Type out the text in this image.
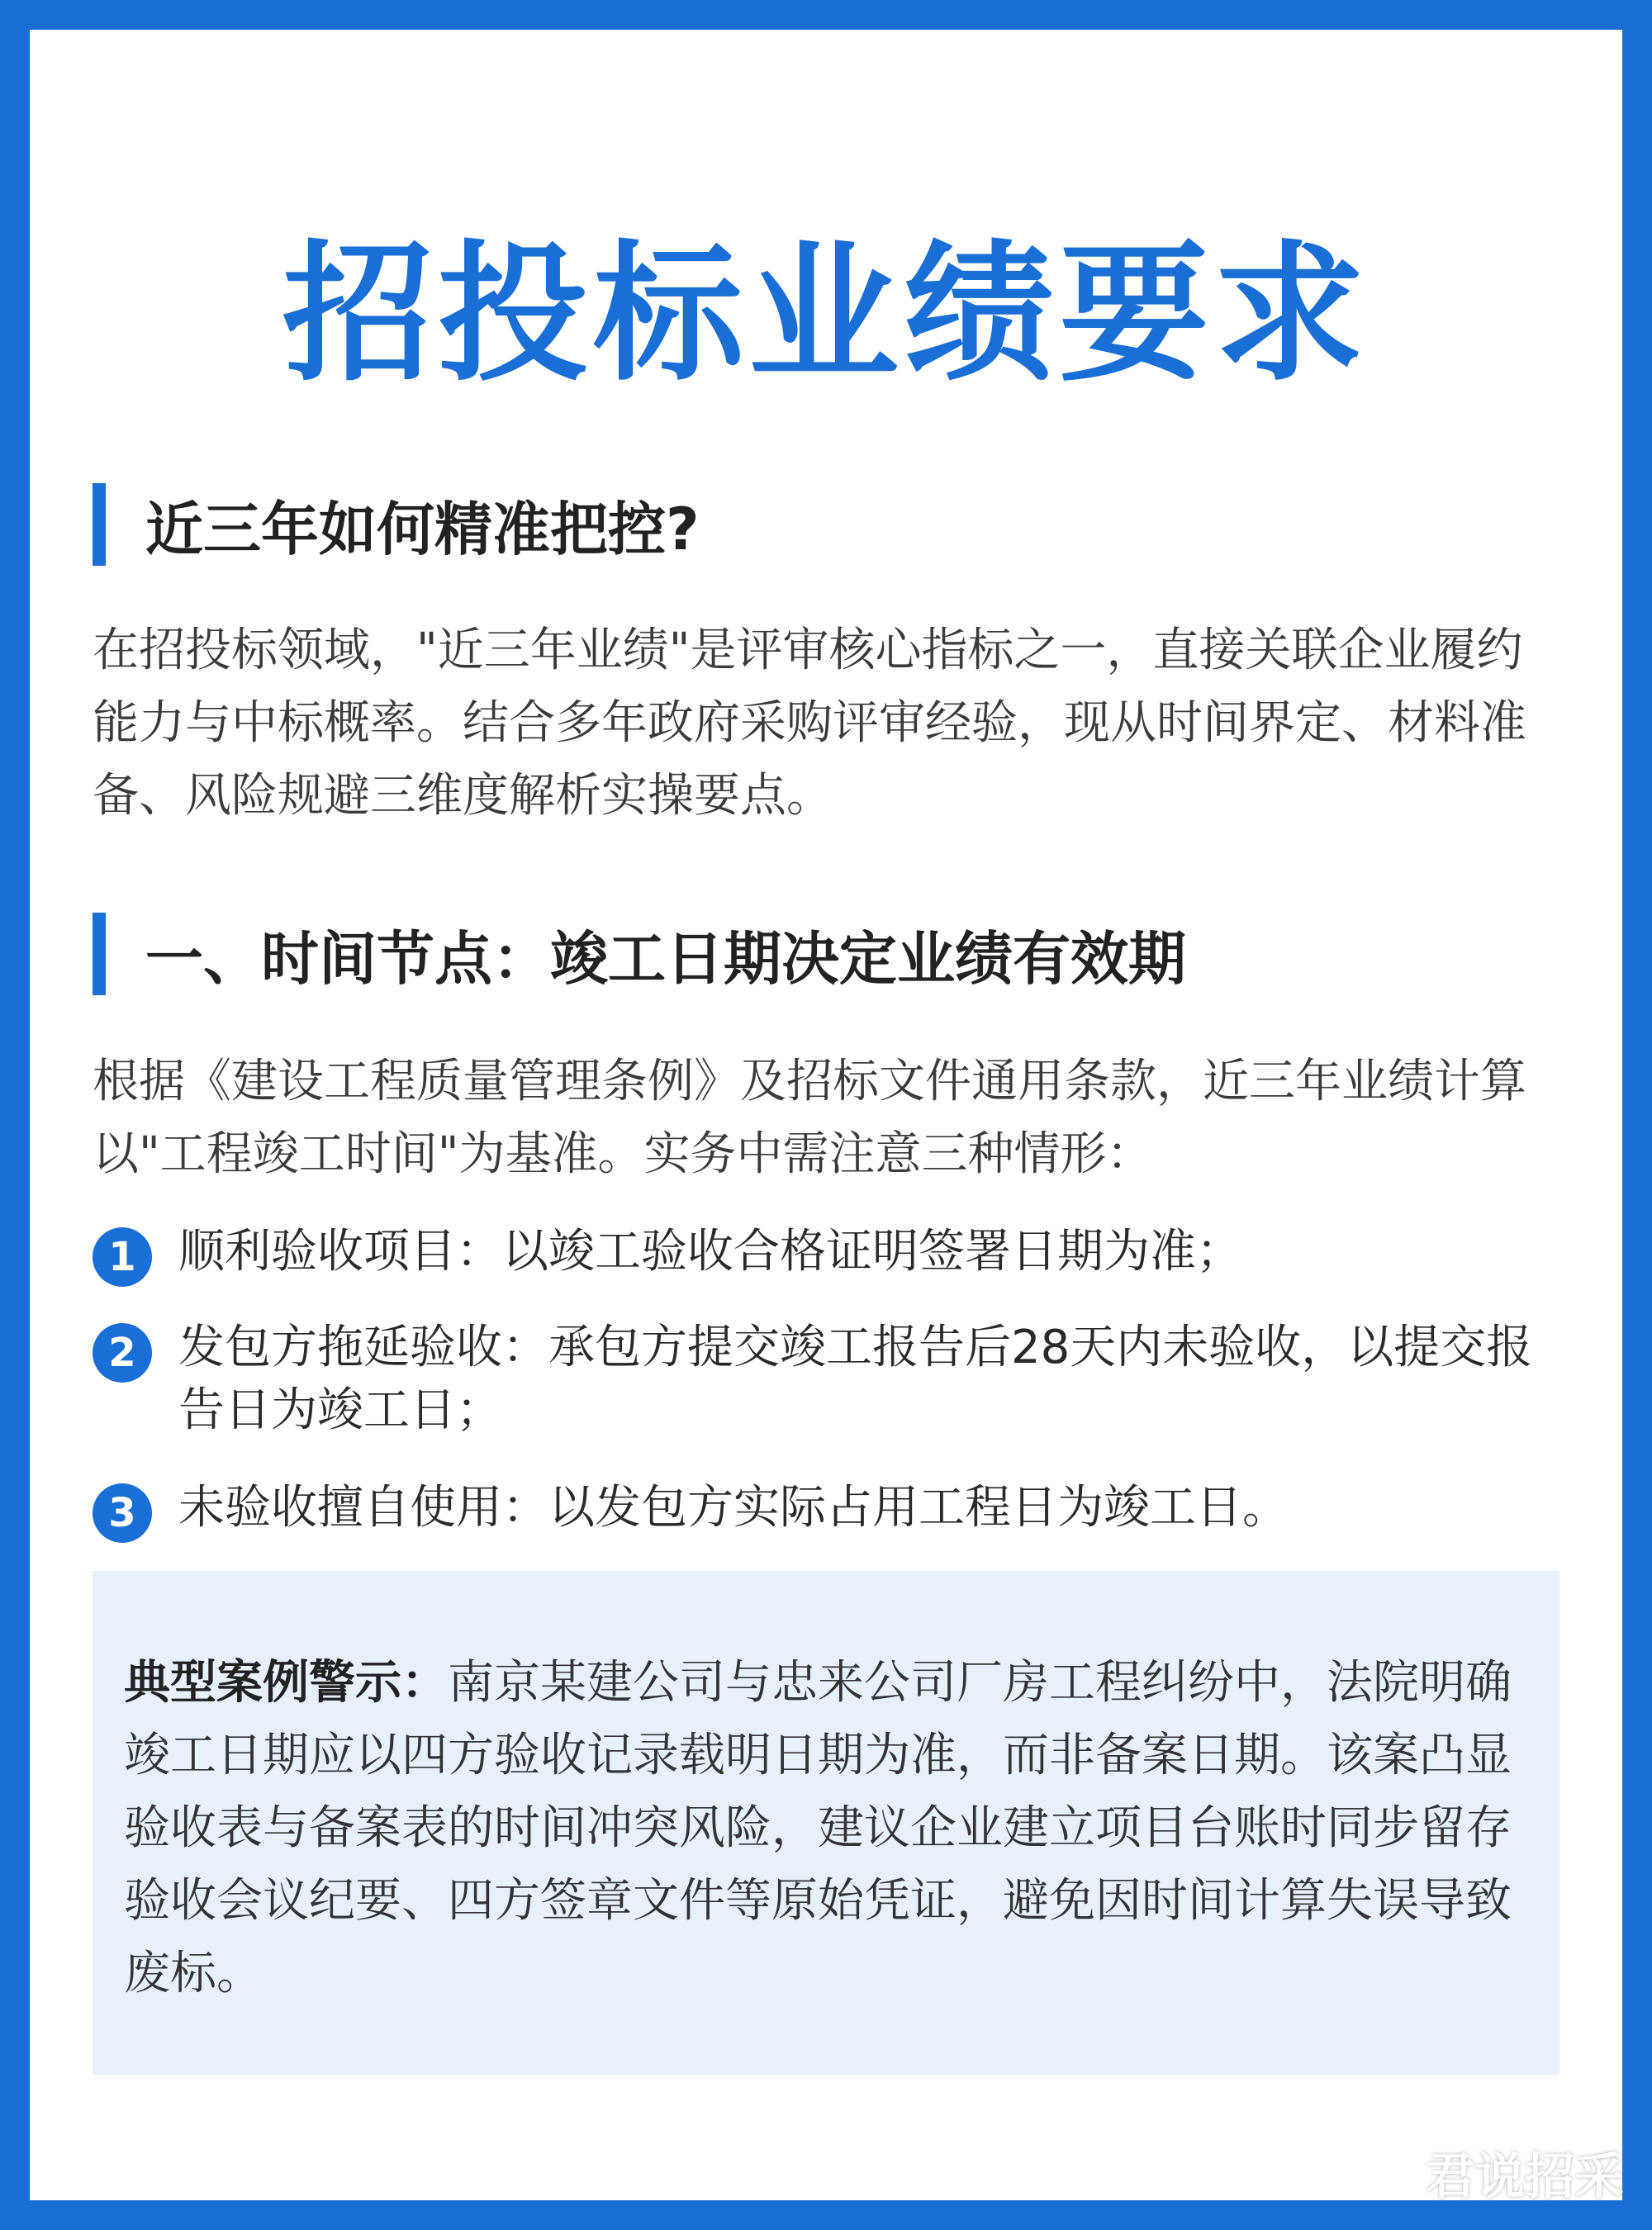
招投标业绩要求
近三年如何精准把控?

在招投标领域，"近三年业绩"是评审核心指标之一，直接关联企业履约能力与中标概率。结合多年政府采购评审经验，现从时间界定、材料准备、风险规避三维度解析实操要点。

一、时间节点：竣工日期决定业绩有效期

根据《建设工程质量管理条例》及招标文件通用条款，近三年业绩计算以"工程竣工时间"为基准。实务中需注意三种情形：

1 顺利验收项目：以竣工验收合格证明签署日期为准；
2 发包方拖延验收：承包方提交竣工报告后28天内未验收，以提交报告日为竣工日；
3 未验收擅自使用：以发包方实际占用工程日为竣工日。

典型案例警示：南京某建公司与忠来公司厂房工程纠纷中，法院明确竣工日期应以四方验收记录载明日期为准，而非备案日期。该案凸显验收表与备案表的时间冲突风险，建议企业建立项目台账时同步留存验收会议纪要、四方签章文件等原始凭证，避免因时间计算失误导致废标。

君说招采
